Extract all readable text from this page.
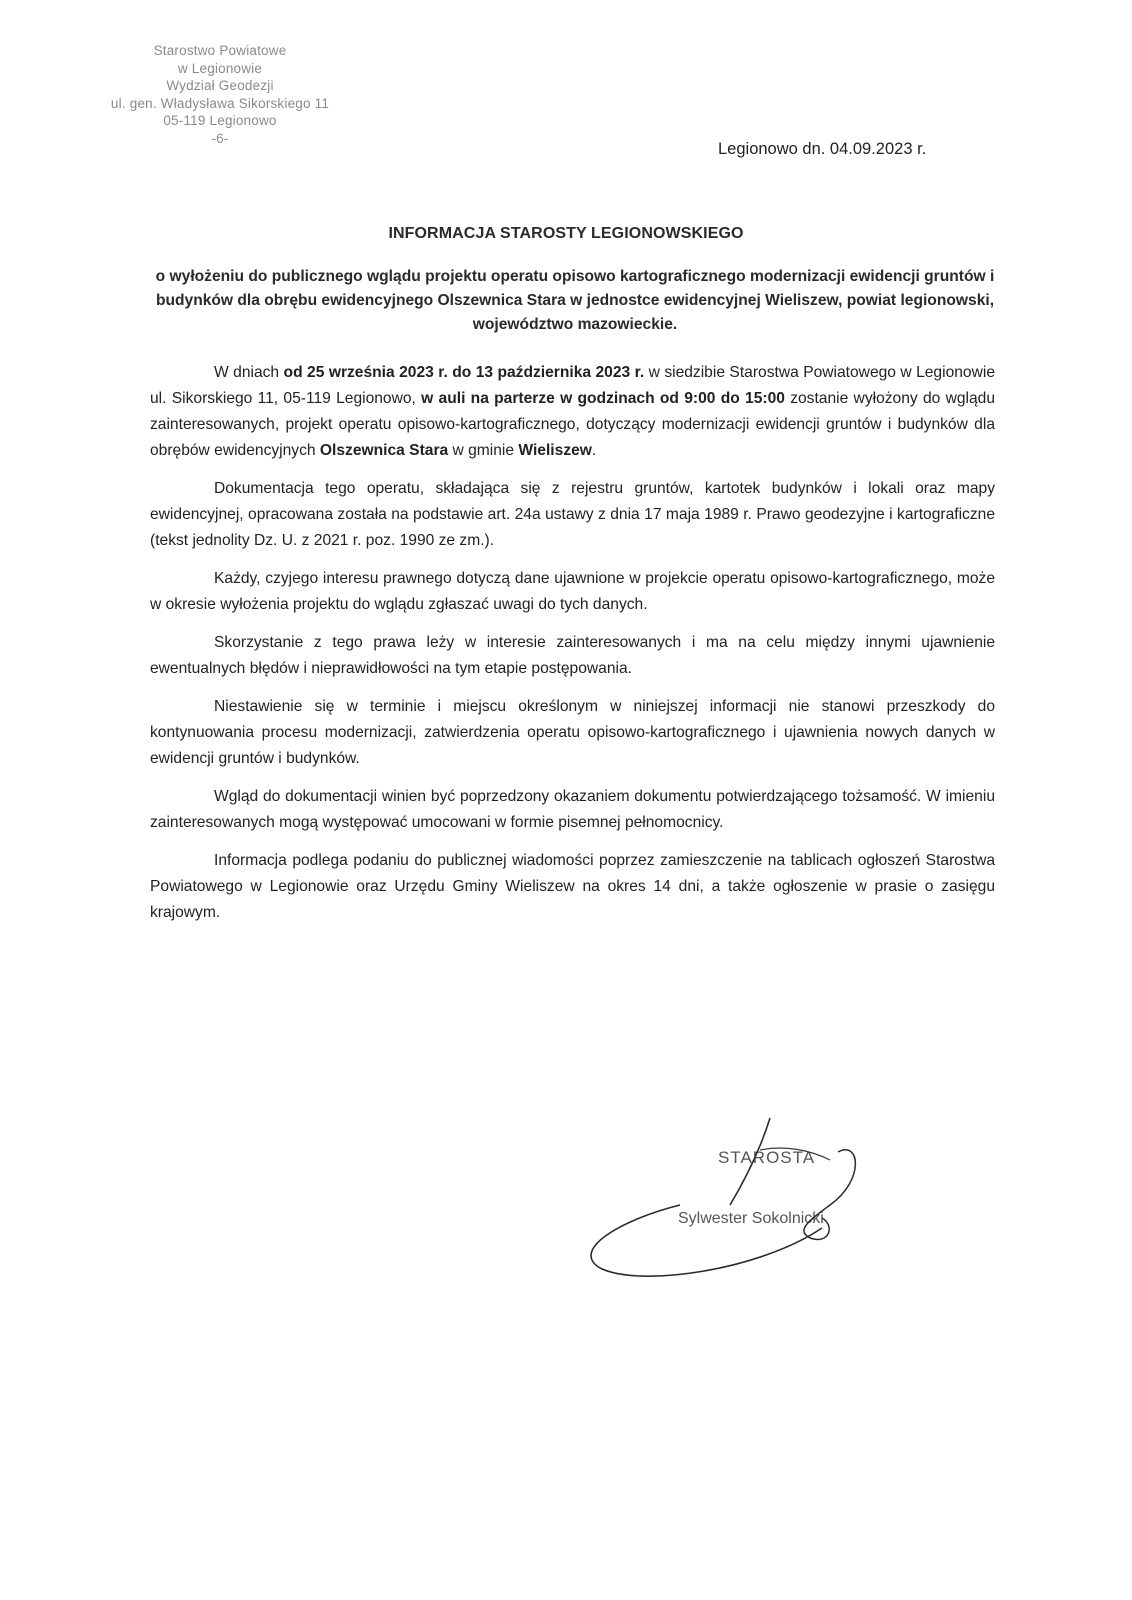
Starostwo Powiatowe
w Legionowie
Wydział Geodezji
ul. gen. Władysława Sikorskiego 11
05-119 Legionowo
-6-
Legionowo dn. 04.09.2023 r.
INFORMACJA STAROSTY LEGIONOWSKIEGO
o wyłożeniu do publicznego wglądu projektu operatu opisowo kartograficznego modernizacji ewidencji gruntów i budynków dla obrębu ewidencyjnego Olszewnica Stara w jednostce ewidencyjnej Wieliszew, powiat legionowski, województwo mazowieckie.

W dniach od 25 września 2023 r. do 13 października 2023 r. w siedzibie Starostwa Powiatowego w Legionowie ul. Sikorskiego 11, 05-119 Legionowo, w auli na parterze w godzinach od 9:00 do 15:00 zostanie wyłożony do wglądu zainteresowanych, projekt operatu opisowo-kartograficznego, dotyczący modernizacji ewidencji gruntów i budynków dla obrębów ewidencyjnych Olszewnica Stara w gminie Wieliszew.

Dokumentacja tego operatu, składająca się z rejestru gruntów, kartotek budynków i lokali oraz mapy ewidencyjnej, opracowana została na podstawie art. 24a ustawy z dnia 17 maja 1989 r. Prawo geodezyjne i kartograficzne (tekst jednolity Dz. U. z 2021 r. poz. 1990 ze zm.).

Każdy, czyjego interesu prawnego dotyczą dane ujawnione w projekcie operatu opisowo-kartograficznego, może w okresie wyłożenia projektu do wglądu zgłaszać uwagi do tych danych.

Skorzystanie z tego prawa leży w interesie zainteresowanych i ma na celu między innymi ujawnienie ewentualnych błędów i nieprawidłowości na tym etapie postępowania.

Niestawienie się w terminie i miejscu określonym w niniejszej informacji nie stanowi przeszkody do kontynuowania procesu modernizacji, zatwierdzenia operatu opisowo-kartograficznego i ujawnienia nowych danych w ewidencji gruntów i budynków.

Wgląd do dokumentacji winien być poprzedzony okazaniem dokumentu potwierdzającego tożsamość. W imieniu zainteresowanych mogą występować umocowani w formie pisemnej pełnomocnicy.

Informacja podlega podaniu do publicznej wiadomości poprzez zamieszczenie na tablicach ogłoszeń Starostwa Powiatowego w Legionowie oraz Urzędu Gminy Wieliszew na okres 14 dni, a także ogłoszenie w prasie o zasięgu krajowym.

STAROSTA
Sylwester Sokolnicki
